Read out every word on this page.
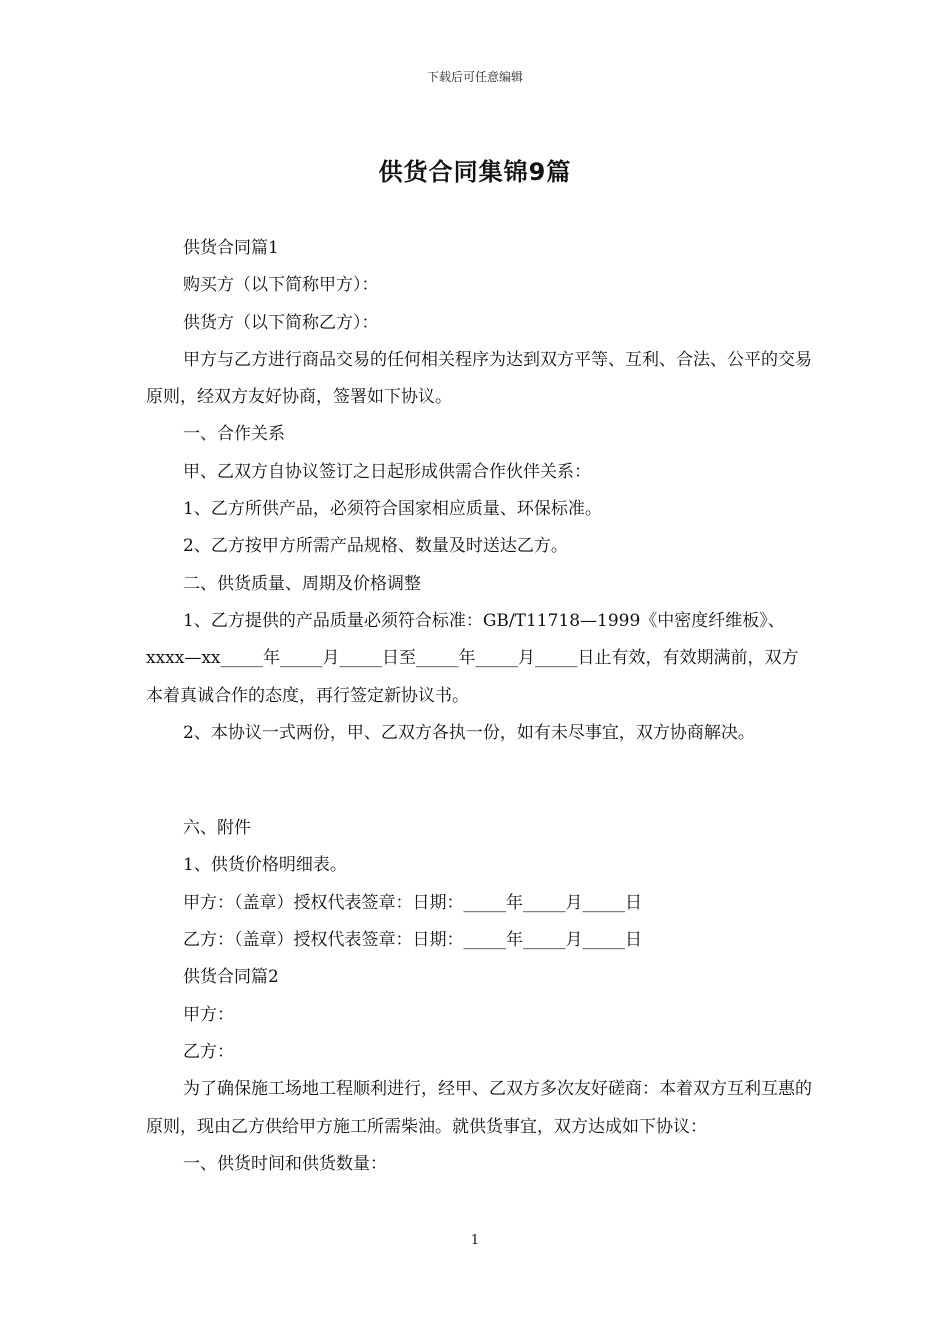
下载后可任意编辑
供货合同集锦9篇

供货合同篇1

购买方（以下简称甲方）：

供货方（以下简称乙方）：

甲方与乙方进行商品交易的任何相关程序为达到双方平等、互利、合法、公平的交易原则，经双方友好协商，签署如下协议。

一、合作关系

甲、乙双方自协议签订之日起形成供需合作伙伴关系：

1、乙方所供产品，必须符合国家相应质量、环保标准。

2、乙方按甲方所需产品规格、数量及时送达乙方。

二、供货质量、周期及价格调整

1、乙方提供的产品质量必须符合标准：GB/T11718—1999《中密度纤维板》、xxxx—xx_____年_____月_____日至_____年_____月_____日止有效，有效期满前，双方本着真诚合作的态度，再行签定新协议书。

2、本协议一式两份，甲、乙双方各执一份，如有未尽事宜，双方协商解决。

六、附件

1、供货价格明细表。

甲方：（盖章）授权代表签章：日期：_____年_____月_____日

乙方：（盖章）授权代表签章：日期：_____年_____月_____日

供货合同篇2

甲方：

乙方：

为了确保施工场地工程顺利进行，经甲、乙双方多次友好磋商：本着双方互利互惠的原则，现由乙方供给甲方施工所需柴油。就供货事宜，双方达成如下协议：

一、供货时间和供货数量：

1
